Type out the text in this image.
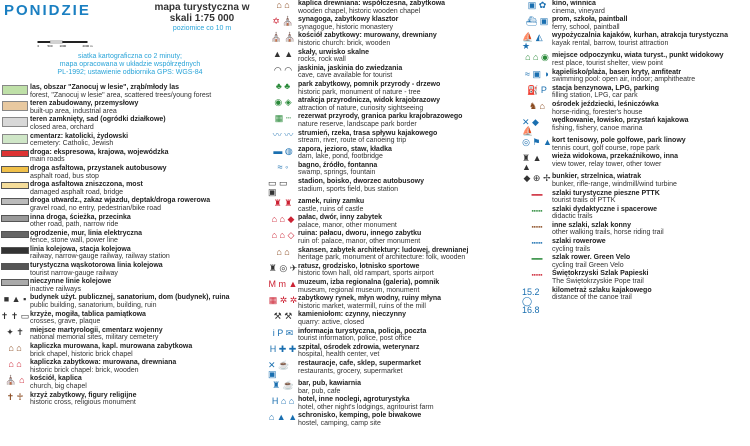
PONIDZIE	mapa turystyczna w skali 1:75 000
poziomice co 10 m
0 500 1000	2000 m
siatka kartograficzna co 2 minuty;
mapa opracowana w układzie współrzędnych
PL-1992; ustawienie odbiornika GPS: WGS-84
las, obszar "Zanocuj w lesie", zrąb/młody las
forest, "Zanocuj w lesie" area, scattered trees/young forest
teren zabudowany, przemysłowy
built-up area, industrial area
teren zamknięty, sad (ogródki działkowe)
closed area, orchard
cmentarz: katolicki, żydowski
cemetery: Catholic, Jewish
droga: ekspresowa, krajowa, wojewódzka
main roads
droga asfaltowa, przystanek autobusowy
asphalt road, bus stop
droga asfaltowa zniszczona, most
damaged asphalt road, bridge
droga utwardz., zakaz wjazdu, deptak/droga rowerowa
gravel road, no entry, pedestrian/bike road
inna droga, ścieżka, przecinka
other road, path, narrow ride
ogrodzenie, mur, linia elektryczna
fence, stone wall, power line
linia kolejowa, stacja kolejowa
railway, narrow-gauge railway, railway station
turystyczna wąskotorowa linia kolejowa
tourist narrow-gauge railway
nieczynne linie kolejowe
inactive railways
■ ▲ ▪ budynek użyt. publicznej, sanatorium, dom (budynek), ruina
public building, sanatorium, building, ruin
✝ ✝ ▭ krzyże, mogiła, tablica pamiątkowa
crosses, grave, plaque
✦ ✝ miejsce martyrologii, cmentarz wojenny
national memorial sites, military cemetery
⌂ ⌂ kapliczka murowana, kapl. murowana zabytkowa
brick chapel, historic brick chapel
⌂ ⌂ kapliczka zabytkowa: murowana, drewniana
historic brick chapel: brick, wooden
⛪ ⌂ kościół, kaplica
church, big chapel
✝ ♰ krzyż zabytkowy, figury religijne
historic cross, religious monument
⌂ ⌂ kaplica drewniana: współczesna, zabytkowa
wooden chapel, historic wooden chapel
✡ ⛪ synagoga, zabytkowy klasztor
synagogue, historic monastery
⛪ ⛪ kościół zabytkowy: murowany, drewniany
historic church: brick, wooden
▲ ▲ skały, urwisko skalne
rocks, rock wall
◠ ◠ jaskinia, jaskinia do zwiedzania
cave, cave available for tourist
♣ ♣ park zabytkowy, pomnik przyrody - drzewo
historic park, monument of nature - tree
◉ ◈ atrakcja przyrodnicza, widok krajobrazowy
attraction of nature, curiosity sightseeing
▦ ┄ rezerwat przyrody, granica parku krajobrazowego
nature reserve, landscape park border
〰 〰 strumień, rzeka, trasa spływu kajakowego
stream, river, route of canoeing trip
▬ ◍ zapora, jezioro, staw, kładka
dam, lake, pond, footbridge
≈ ◦ bagno, źródło, fontanna
swamp, springs, fountain
▭ ▭ ▣
stadion, boisko, dworzec autobusowy
stadium, sports field, bus station
♜ ♜ zamek, ruiny zamku
castle, ruins of castle
⌂ ⌂ ◆ pałac, dwór, inny zabytek
palace, manor, other monument
⌂ ⌂ ◇ ruina: pałacu, dworu, innego zabytku
ruin of: palace, manor, other monument
⌂ ⌂ skansen, zabytek architektury: ludowej, drewnianej
heritage park, monument of architecture: folk, wooden
♜ ◎ ✈ ratusz, grodzisko, lotnisko sportowe
historic town hall, old rampart, sports airport
M m ▲ muzeum, izba regionalna (galeria), pomnik
museum, regional museum, monument
▦ ✲ ✲ zabytkowy rynek, młyn wodny, ruiny młyna
historic market, watermill, ruins of the mill
⚒ ⚒ kamieniołom: czynny, nieczynny
quarry: active, closed
i P ✉ informacja turystyczna, policja, poczta
tourist information, police, post office
H ✚ ✚ szpital, ośrodek zdrowia, weterynarz
hospital, health center, vet
✕ ☕ ▣
restauracje, cafe, sklep, supermarket
restaurants, grocery, supermarket
♜ ☕ bar, pub, kawiarnia
bar, pub, cafe
H ⌂ ⌂ hotel, inne noclegi, agroturystyka
hotel, other night's lodgings, agritourist farm
⌂ ▲ ▲ schronisko, kemping, pole biwakowe
hostel, camping, camp site
▣ ✿ kino, winnica
cinema, vineyard
⛴ ▣ prom, szkoła, paintball
ferry, school, paintball
⛵ ◭ ★
wypożyczalnia kajaków, kurhan, atrakcja turystyczna
kayak rental, barrow, tourist attraction
⌂ ⌂ ◉ miejsce odpoczynku, wiata turyst., punkt widokowy
rest place, tourist shelter, view point
≈ ▣ ◑ kąpielisko/plaża, basen kryty, amfiteatr
swimming pool: open air, indoor; amphitheatre
⛽ P stacja benzynowa, LPG, parking
filling station, LPG, car park
♞ ⌂ ośrodek jeździecki, leśniczówka
horse-riding, forester's house
✕ ◆ ⛵
wędkowanie, łowisko, przystań kajakowa
fishing, fishery, canoe marina
◎ ⚑ ▲ kort tenisowy, pole golfowe, park linowy
tennis court, golf course, rope park
♜ ▲ ▲
wieża widokowa, przekaźnikowo, inna
view tower, relay tower, other tower
◆ ⊕ ✢ bunkier, strzelnica, wiatrak
bunker, rifle-range, windmill/wind turbine
━━ szlaki turystyczne pieszne PTTK
tourist trails of PTTK
┅┅ szlaki dydaktyczne i spacerowe
didactic trails
┅┅ inne szlaki, szlak konny
other walking trails, horse riding trail
┅┅ szlaki rowerowe
cycling trails
━━ szlak rower. Green Velo
cycling trail Green Velo
┅┅ Świętokrzyski Szlak Papieski
The Świętokrzyskie Pope trail
15.2 ◯ 16.8
kilometraż szlaku kajakowego
distance of the canoe trail
